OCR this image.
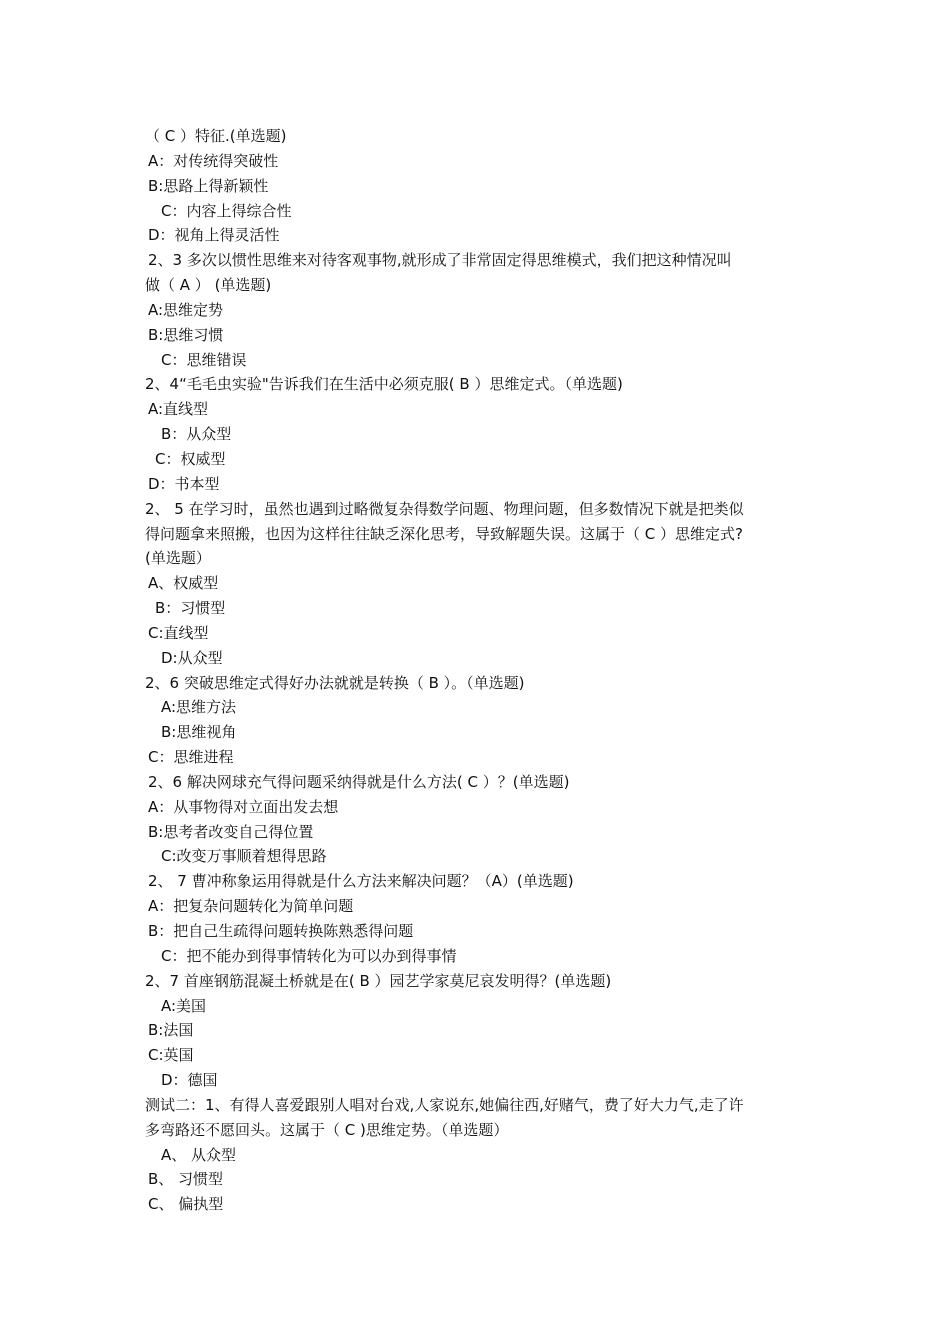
（ C ）特征.(单选题)
A：对传统得突破性
B:思路上得新颖性
C：内容上得综合性
D：视角上得灵活性
2、3 多次以惯性思维来对待客观事物,就形成了非常固定得思维模式，我们把这种情况叫
做（ A ） (单选题)
A:思维定势
B:思维习惯
C：思维错误
2、4“毛毛虫实验"告诉我们在生活中必须克服( B ）思维定式。（单选题)
A:直线型
B：从众型
C：权威型
D：书本型
2、 5 在学习时，虽然也遇到过略微复杂得数学问题、物理问题，但多数情况下就是把类似
得问题拿来照搬，也因为这样往往缺乏深化思考，导致解题失误。这属于（ C ）思维定式?
(单选题）
A、权威型
B：习惯型
C:直线型
D:从众型
2、6 突破思维定式得好办法就就是转换（ B ）。（单选题)
A:思维方法
B:思维视角
C：思维进程
2、6 解决网球充气得问题采纳得就是什么方法( C ）？(单选题)
A：从事物得对立面出发去想
B:思考者改变自己得位置
C:改变万事顺着想得思路
2、 7 曹冲称象运用得就是什么方法来解决问题？（A）(单选题)
A：把复杂问题转化为简单问题
B：把自己生疏得问题转换陈熟悉得问题
C：把不能办到得事情转化为可以办到得事情
2、7 首座钢筋混凝土桥就是在( B ）园艺学家莫尼哀发明得？(单选题)
A:美国
B:法国
C:英国
D：德国
测试二：1、有得人喜爱跟别人唱对台戏,人家说东,她偏往西,好赌气，费了好大力气,走了许
多弯路还不愿回头。这属于（ C )思维定势。（单选题）
A、 从众型
B、 习惯型
C、 偏执型
